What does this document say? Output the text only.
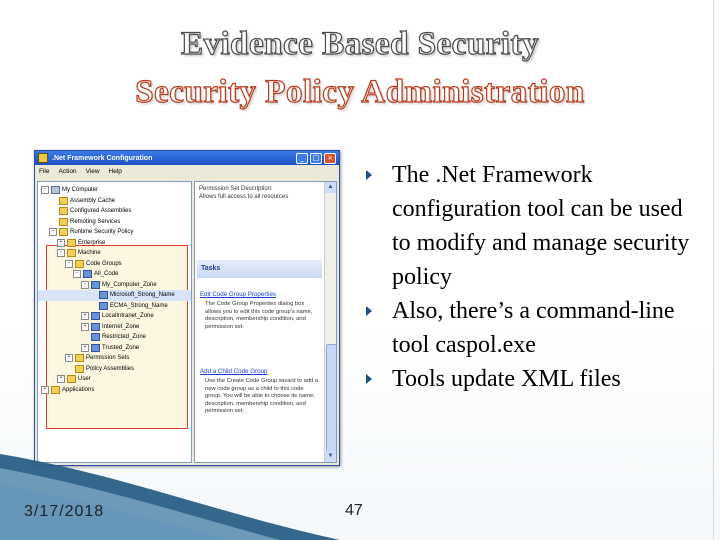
Evidence Based Security
Security Policy Administration
.Net Framework Configuration	_	□	×
File Action View Help
−	My Computer
Assembly Cache
Configured Assemblies
Remoting Services
−	Runtime Security Policy
+	Enterprise
−	Machine
−	Code Groups
−	All_Code
−	My_Computer_Zone
Microsoft_Strong_Name
ECMA_Strong_Name
+	LocalIntranet_Zone
+	Internet_Zone
Restricted_Zone
+	Trusted_Zone
+	Permission Sets
Policy Assemblies
+	User
+	Applications
Permission Set Description:
Allows full access to all resources
Tasks
Edit Code Group Properties
The Code Group Properties dialog box allows you to edit this code group's name, description, membership condition, and permission set.
Add a Child Code Group
Use the Create Code Group wizard to add a new code group as a child to this code group. You will be able to choose its name, description, membership condition, and permission set.
▲
▼
The .Net Framework configuration tool can be used to modify and manage security policy
Also, there’s a command-line tool caspol.exe
Tools update XML files
3/17/2018	47
